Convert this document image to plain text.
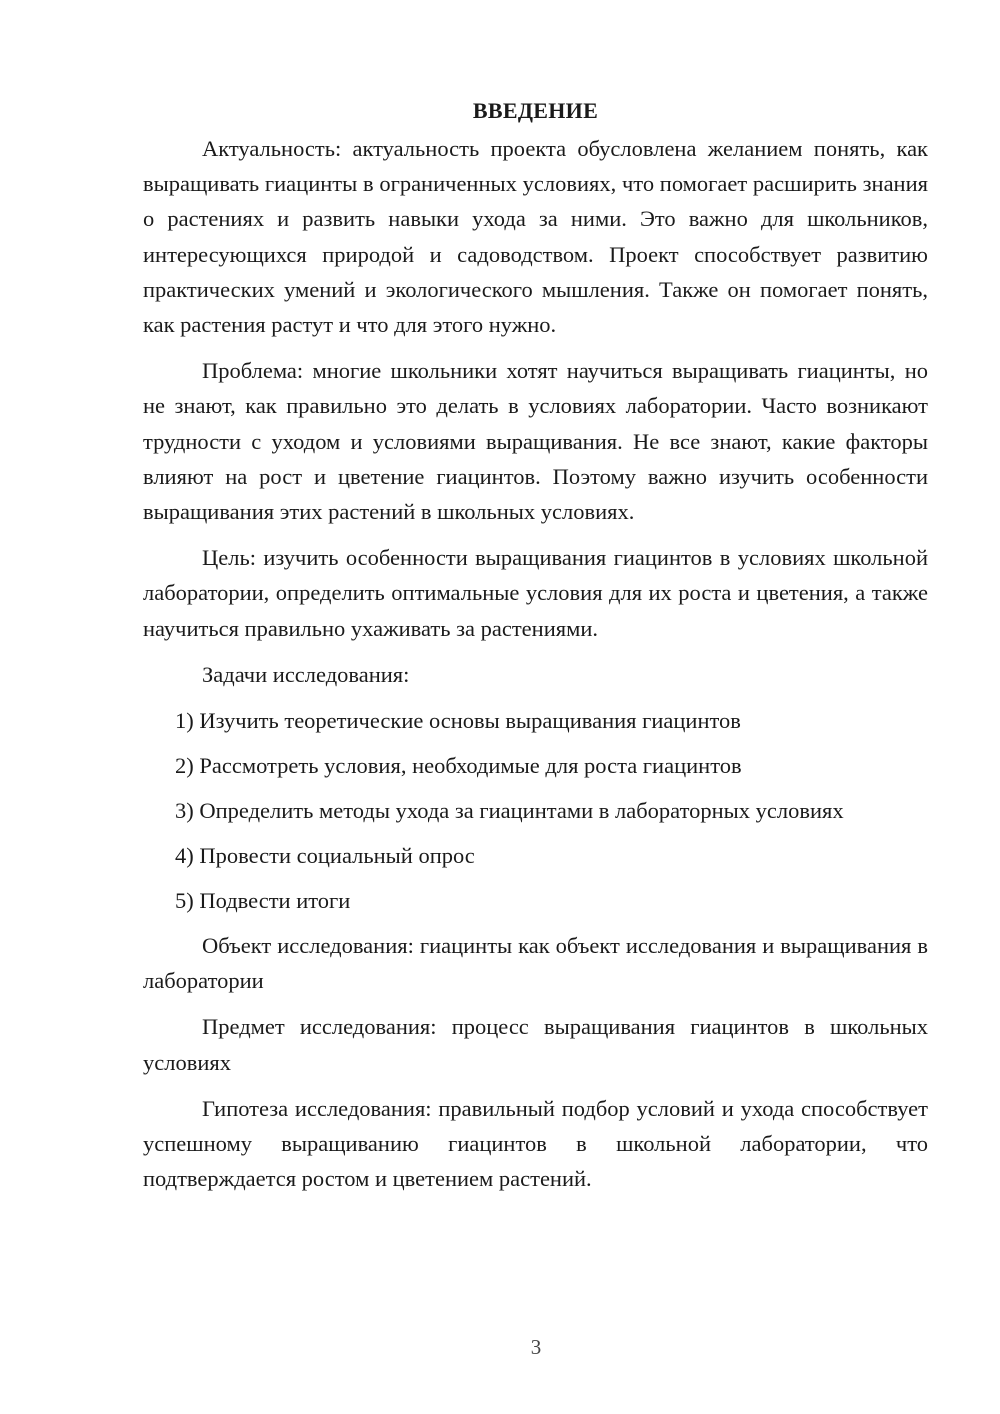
ВВЕДЕНИЕ

Актуальность: актуальность проекта обусловлена желанием понять, как выращивать гиацинты в ограниченных условиях, что помогает расширить знания о растениях и развить навыки ухода за ними. Это важно для школьников, интересующихся природой и садоводством. Проект способствует развитию практических умений и экологического мышления. Также он помогает понять, как растения растут и что для этого нужно.

Проблема: многие школьники хотят научиться выращивать гиацинты, но не знают, как правильно это делать в условиях лаборатории. Часто возникают трудности с уходом и условиями выращивания. Не все знают, какие факторы влияют на рост и цветение гиацинтов. Поэтому важно изучить особенности выращивания этих растений в школьных условиях.

Цель: изучить особенности выращивания гиацинтов в условиях школьной лаборатории, определить оптимальные условия для их роста и цветения, а также научиться правильно ухаживать за растениями.

Задачи исследования:

1) Изучить теоретические основы выращивания гиацинтов
2) Рассмотреть условия, необходимые для роста гиацинтов
3) Определить методы ухода за гиацинтами в лабораторных условиях
4) Провести социальный опрос
5) Подвести итоги

Объект исследования: гиацинты как объект исследования и выращивания в лаборатории

Предмет исследования: процесс выращивания гиацинтов в школьных условиях

Гипотеза исследования: правильный подбор условий и ухода способствует успешному выращиванию гиацинтов в школьной лаборатории, что подтверждается ростом и цветением растений.

3
